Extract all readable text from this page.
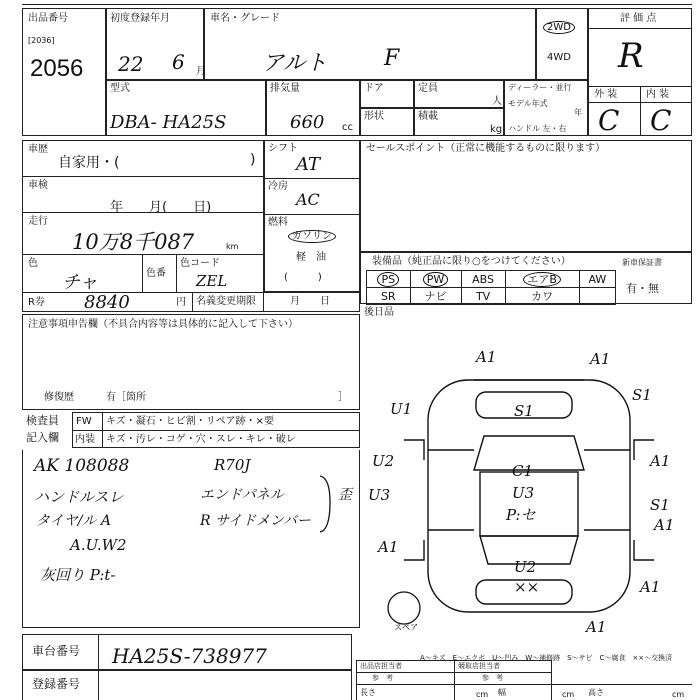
出品番号
[2036]
2056
初度登録年月
22 6 月
車名・グレード
アルト	F
2WD
4WD
評 価 点
R
外 装	内 装
C C
型式
DBA- HA25S
排気量
660 cc
ドア	定員
人
形状	積載
kg
ディーラー・並行
モデル年式
年
ハンドル 左・右
車歴
自家用・(	)
車検
年　　月(　　日)
走行
10万8千087	km
色
チャ	色番
色コード
ZEL
R券 8840	円
シフト
AT
冷房
AC
燃料
ガソリン
軽　油
(　　　)
名義変更期限	月　　日
セールスポイント（正常に機能するものに限ります）
装備品（純正品に限り○をつけてください）	新車保証書
有・無
PS	PW	ABS	エアB	AW
SR	ナビ	TV	カワ	
後日品
注意事項申告欄（不具合内容等は具体的に記入して下さい）
修復歴	有［箇所	］
検査員
記入欄
FW
内装
キズ・凝石・ヒビ割・リペア跡・×要
キズ・汚レ・コゲ・穴・スレ・キレ・破レ
AK 108088
ハンドルスレ
タイヤ/ル A
A.U.W2
灰回り P:t-
R70J
エンドパネル
R サイドメンバー
歪
スペア
A1	A1
U1	S1
S1
A1
U2
C1
U3
P:セ
U3
S1
A1
A1
U2
××	A1
A1
A～キズ　E～エクボ　U～凹み　W～補修跡　S～サビ　C～腐食　××～交換済
車台番号 HA25S-738977
登録番号
出品店担当者
参　考
競取店担当者
参　考
長さ	cm 幅	cm 高さ	cm
